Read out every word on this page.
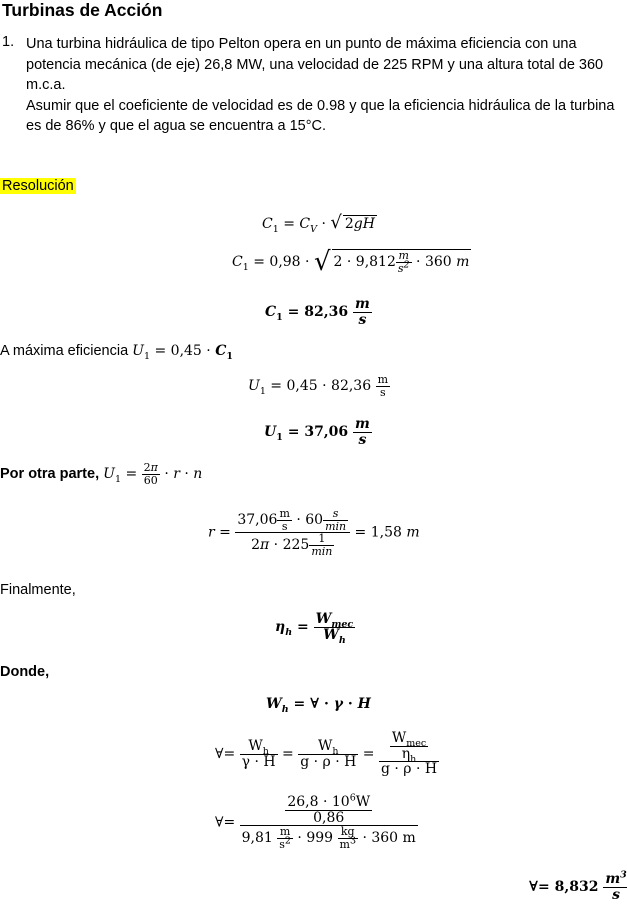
Turbinas de Acción
1. Una turbina hidráulica de tipo Pelton opera en un punto de máxima eficiencia con una potencia mecánica (de eje) 26,8 MW, una velocidad de 225 RPM y una altura total de 360 m.c.a.

Asumir que el coeficiente de velocidad es de 0.98 y que la eficiencia hidráulica de la turbina es de 86% y que el agua se encuentra a 15°C.

Resolución
$C_1 = C_V$ · √ 2gH
$C_1 = 0,98$ · √ $2 \cdot 9,812 \frac{m}{s^2} \cdot 360$ m
$C_1 = 82,36 \frac{m}{s}$
A máxima eficiencia $U_1 = 0,45 \cdot C_1$
$U_1 = 0,45 \cdot 82,36 \frac{m}{s}$
$U_1 = 37,06 \frac{m}{s}$
Por otra parte, $U_1 = \frac{2\pi}{60} \cdot r \cdot n$
$r = \frac{37,06 \frac{m}{s} \cdot 60 \frac{s}{\min}}{2\pi \cdot 225 \frac{1}{\min}} = 1,58$ m
Finalmente,
$\eta_h = \frac{W_{mec}}{W_h}$
Donde,
$W_h$ = ∀ · γ · H
∀= $\frac{W_h}{\gamma \cdot H} = \frac{W_h}{g \cdot \rho \cdot H} = \frac{\frac{W_{mec}}{\eta_h}}{g \cdot \rho \cdot H}$
∀= $\frac{\frac{26,8 \cdot 10^6W}{0,86}}{9,81 \frac{m}{s^2} \cdot 999 \frac{kg}{m^3} \cdot 360 m}$
∀= $8,832 \frac{m^3}{s}$
